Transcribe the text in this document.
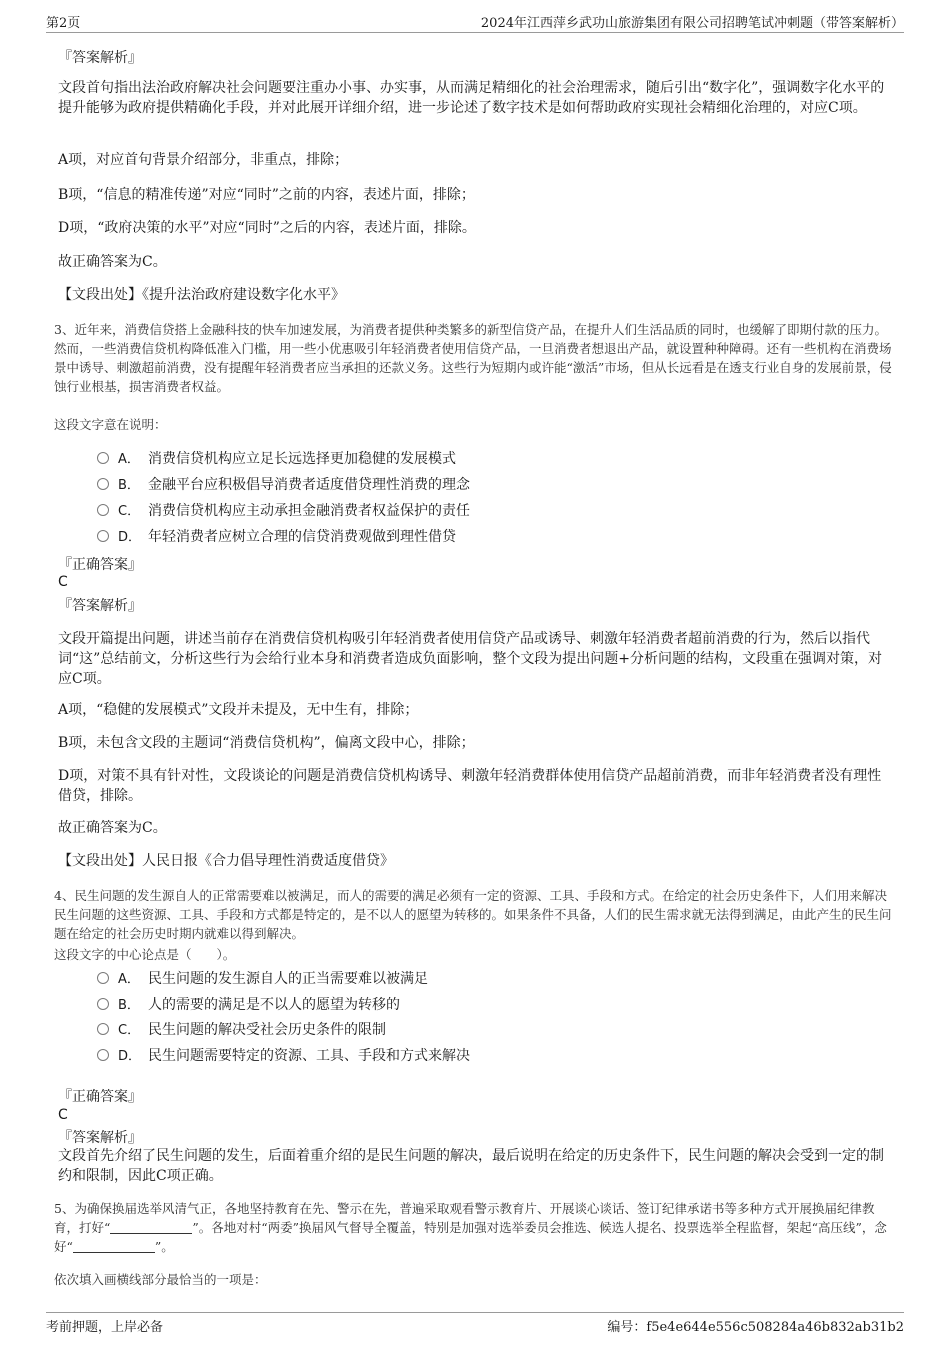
第2页	2024年江西萍乡武功山旅游集团有限公司招聘笔试冲刺题（带答案解析）
『答案解析』
文段首句指出法治政府解决社会问题要注重办小事、办实事，从而满足精细化的社会治理需求，随后引出“数字化”，强调数字化水平的提升能够为政府提供精确化手段，并对此展开详细介绍，进一步论述了数字技术是如何帮助政府实现社会精细化治理的，对应C项。
A项，对应首句背景介绍部分，非重点，排除；
B项，“信息的精准传递”对应“同时”之前的内容，表述片面，排除；
D项，“政府决策的水平”对应“同时”之后的内容，表述片面，排除。
故正确答案为C。
【文段出处】《提升法治政府建设数字化水平》
3、近年来，消费信贷搭上金融科技的快车加速发展，为消费者提供种类繁多的新型信贷产品，在提升人们生活品质的同时，也缓解了即期付款的压力。然而，一些消费信贷机构降低准入门槛，用一些小优惠吸引年轻消费者使用信贷产品，一旦消费者想退出产品，就设置种种障碍。还有一些机构在消费场景中诱导、刺激超前消费，没有提醒年轻消费者应当承担的还款义务。这些行为短期内或许能“激活”市场，但从长远看是在透支行业自身的发展前景，侵蚀行业根基，损害消费者权益。
这段文字意在说明：
A． 消费信贷机构应立足长远选择更加稳健的发展模式
B． 金融平台应积极倡导消费者适度借贷理性消费的理念
C． 消费信贷机构应主动承担金融消费者权益保护的责任
D． 年轻消费者应树立合理的信贷消费观做到理性借贷
『正确答案』
C
『答案解析』
文段开篇提出问题，讲述当前存在消费信贷机构吸引年轻消费者使用信贷产品或诱导、刺激年轻消费者超前消费的行为，然后以指代词“这”总结前文，分析这些行为会给行业本身和消费者造成负面影响，整个文段为提出问题+分析问题的结构，文段重在强调对策，对应C项。
A项，“稳健的发展模式”文段并未提及，无中生有，排除；
B项，未包含文段的主题词“消费信贷机构”，偏离文段中心，排除；
D项，对策不具有针对性，文段谈论的问题是消费信贷机构诱导、刺激年轻消费群体使用信贷产品超前消费，而非年轻消费者没有理性借贷，排除。
故正确答案为C。
【文段出处】人民日报《合力倡导理性消费适度借贷》
4、民生问题的发生源自人的正常需要难以被满足，而人的需要的满足必须有一定的资源、工具、手段和方式。在给定的社会历史条件下，人们用来解决民生问题的这些资源、工具、手段和方式都是特定的，是不以人的愿望为转移的。如果条件不具备，人们的民生需求就无法得到满足，由此产生的民生问题在给定的社会历史时期内就难以得到解决。
这段文字的中心论点是（　　）。
A． 民生问题的发生源自人的正当需要难以被满足
B． 人的需要的满足是不以人的愿望为转移的
C． 民生问题的解决受社会历史条件的限制
D． 民生问题需要特定的资源、工具、手段和方式来解决
『正确答案』
C
『答案解析』
文段首先介绍了民生问题的发生，后面着重介绍的是民生问题的解决，最后说明在给定的历史条件下，民生问题的解决会受到一定的制约和限制，因此C项正确。
5、为确保换届选举风清气正，各地坚持教育在先、警示在先，普遍采取观看警示教育片、开展谈心谈话、签订纪律承诺书等多种方式开展换届纪律教育，打好“	”。各地对村“两委”换届风气督导全覆盖，特别是加强对选举委员会推选、候选人提名、投票选举全程监督，架起“高压线”，念好“	”。
依次填入画横线部分最恰当的一项是：
考前押题，上岸必备	编号：f5e4e644e556c508284a46b832ab31b2
